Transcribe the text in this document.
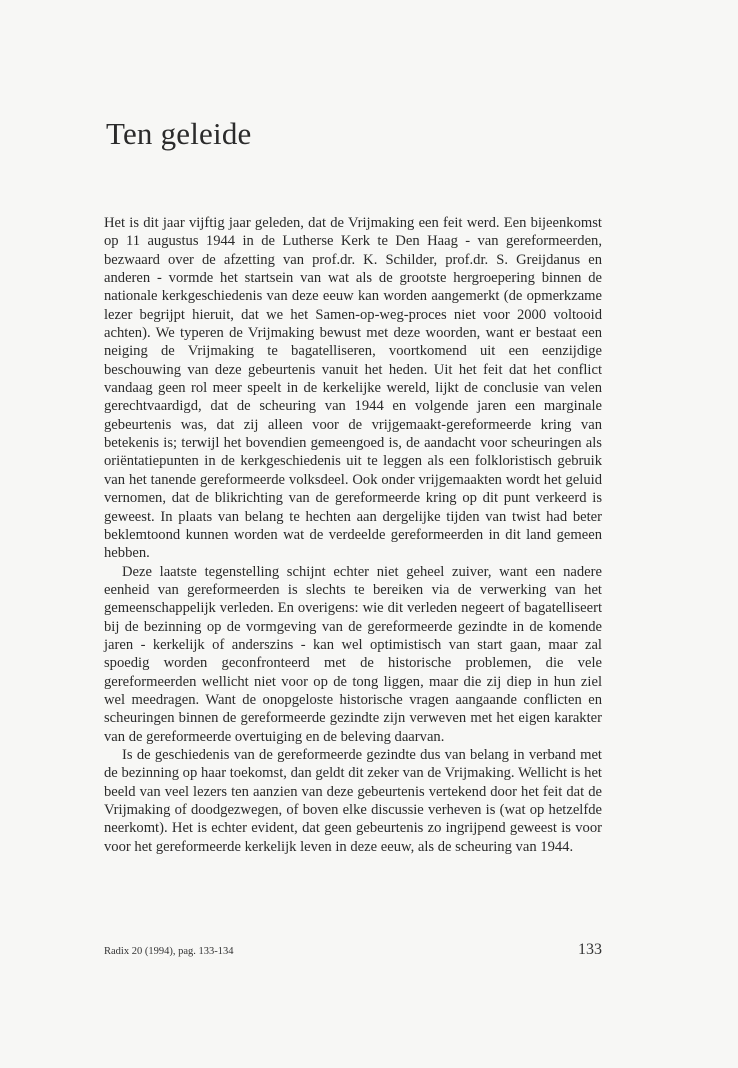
Ten geleide

Het is dit jaar vijftig jaar geleden, dat de Vrijmaking een feit werd. Een bijeenkomst op 11 augustus 1944 in de Lutherse Kerk te Den Haag - van gereformeerden, bezwaard over de afzetting van prof.dr. K. Schilder, prof.dr. S. Greijdanus en anderen - vormde het startsein van wat als de grootste hergroepering binnen de nationale kerkgeschiedenis van deze eeuw kan worden aangemerkt (de opmerkzame lezer begrijpt hieruit, dat we het Samen-op-weg-proces niet voor 2000 voltooid achten). We typeren de Vrijmaking bewust met deze woorden, want er bestaat een neiging de Vrijmaking te bagatelliseren, voortkomend uit een eenzijdige beschouwing van deze gebeurtenis vanuit het heden. Uit het feit dat het conflict vandaag geen rol meer speelt in de kerkelijke wereld, lijkt de conclusie van velen gerechtvaardigd, dat de scheuring van 1944 en volgende jaren een marginale gebeurtenis was, dat zij alleen voor de vrijgemaakt-gereformeerde kring van betekenis is; terwijl het bovendien gemeengoed is, de aandacht voor scheuringen als oriëntatiepunten in de kerkgeschiedenis uit te leggen als een folkloristisch gebruik van het tanende gereformeerde volksdeel. Ook onder vrijgemaakten wordt het geluid vernomen, dat de blikrichting van de gereformeerde kring op dit punt verkeerd is geweest. In plaats van belang te hechten aan dergelijke tijden van twist had beter beklemtoond kunnen worden wat de verdeelde gereformeerden in dit land gemeen hebben.

Deze laatste tegenstelling schijnt echter niet geheel zuiver, want een nadere eenheid van gereformeerden is slechts te bereiken via de verwerking van het gemeenschappelijk verleden. En overigens: wie dit verleden negeert of bagatelliseert bij de bezinning op de vormgeving van de gereformeerde gezindte in de komende jaren - kerkelijk of anderszins - kan wel optimistisch van start gaan, maar zal spoedig worden geconfronteerd met de historische problemen, die vele gereformeerden wellicht niet voor op de tong liggen, maar die zij diep in hun ziel wel meedragen. Want de onopgeloste historische vragen aangaande conflicten en scheuringen binnen de gereformeerde gezindte zijn verweven met het eigen karakter van de gereformeerde overtuiging en de beleving daarvan.

Is de geschiedenis van de gereformeerde gezindte dus van belang in verband met de bezinning op haar toekomst, dan geldt dit zeker van de Vrijmaking. Wellicht is het beeld van veel lezers ten aanzien van deze gebeurtenis vertekend door het feit dat de Vrijmaking of doodgezwegen, of boven elke discussie verheven is (wat op hetzelfde neerkomt). Het is echter evident, dat geen gebeurtenis zo ingrijpend geweest is voor voor het gereformeerde kerkelijk leven in deze eeuw, als de scheuring van 1944.

Radix 20 (1994), pag. 133-134	133
